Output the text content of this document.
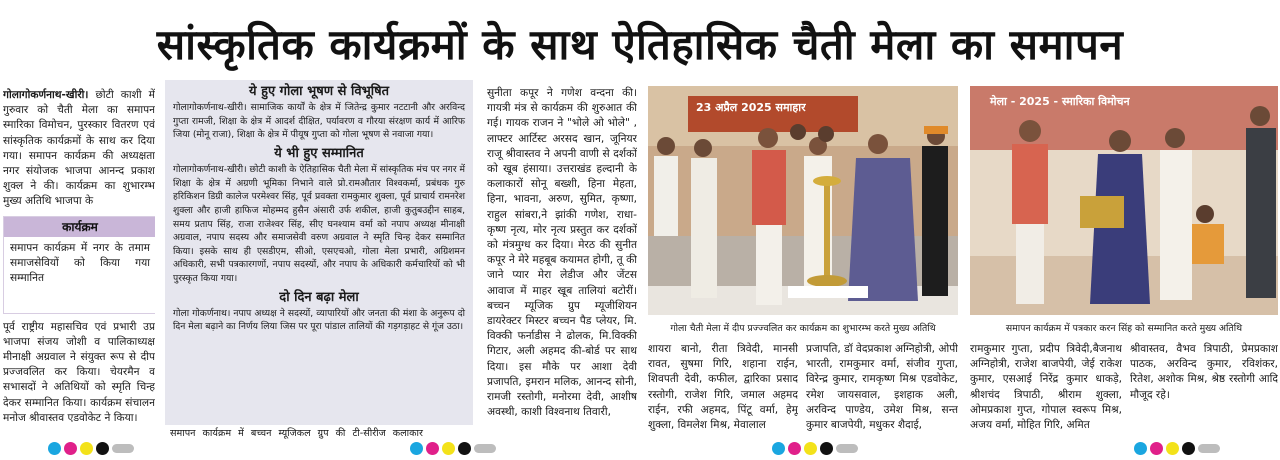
सांस्कृतिक कार्यक्रमों के साथ ऐतिहासिक चैती मेला का समापन

गोलागोकर्णनाथ-खीरी। छोटी काशी में गुरुवार को चैती मेला का समापन स्मारिका विमोचन, पुरस्कार वितरण एवं सांस्कृतिक कार्यक्रमों के साथ कर दिया गया। समापन कार्यक्रम की अध्यक्षता नगर संयोजक भाजपा आनन्द प्रकाश शुक्ल ने की। कार्यक्रम का शुभारम्भ मुख्य अतिथि भाजपा के

कार्यक्रम
समापन कार्यक्रम में नगर के तमाम समाजसेवियों को किया गया सम्मानित

पूर्व राष्ट्रीय महासचिव एवं प्रभारी उप्र भाजपा संजय जोशी व पालिकाध्यक्ष मीनाक्षी अग्रवाल ने संयुक्त रूप से दीप प्रज्जवलित कर किया। चेयरमैन व सभासदों ने अतिथियों को स्मृति चिन्ह देकर सम्मानित किया। कार्यक्रम संचालन मनोज श्रीवास्तव एडवोकेट ने किया।

ये हुए गोला भूषण से विभूषित

गोलागोकर्णनाथ-खीरी। सामाजिक कार्यों के क्षेत्र में जितेन्द्र कुमार नटटानी और अरविन्द गुप्ता रामजी, शिक्षा के क्षेत्र में आदर्श दीक्षित, पर्यावरण व गौरया संरक्षण कार्य में आरिफ जिया (मोनू राजा), शिक्षा के क्षेत्र में पीयूष गुप्ता को गोला भूषण से नवाजा गया।

ये भी हुए सम्मानित

गोलागोकर्णनाथ-खीरी। छोटी काशी के ऐतिहासिक चैती मेला में सांस्कृतिक मंच पर नगर में शिक्षा के क्षेत्र में अग्रणी भूमिका निभाने वाले प्रो.रामऔतार विश्वकर्मा, प्रबंधक गुरु हरिकिशन डिग्री कालेज परमेश्वर सिंह, पूर्व प्रवक्ता रामकुमार शुक्ला, पूर्व प्राचार्य रामनरेश शुक्ला और हाजी हाफिज मोहम्मद हुसैन अंसारी उर्फ शकील, हाजी कुतुबउद्दीन साहब, समय प्रताप सिंह, राजा राजेश्वर सिंह, सीए घनश्याम वर्मा को नपाप अध्यक्ष मीनाक्षी अग्रवाल, नपाप सदस्य और समाजसेवी वरुण अग्रवाल ने स्मृति चिन्ह देकर सम्मानित किया। इसके साथ ही एसडीएम, सीओ, एसएचओ, गोला मेला प्रभारी, अग्रिशमन अधिकारी, सभी पत्रकारगणों, नपाप सदस्यों, और नपाप के अधिकारी कर्मचारियों को भी पुरस्कृत किया गया।

दो दिन बढ़ा मेला

गोला गोकर्णनाथ। नपाप अध्यक्ष ने सदस्यों, व्यापारियों और जनता की मंशा के अनुरूप दो दिन मेला बढ़ाने का निर्णय लिया जिस पर पूरा पांडाल तालियों की गड़गड़ाहट से गूंज उठा।

समापन कार्यक्रम में बच्चन म्यूजिकल ग्रुप की टी-सीरीज कलाकार
सुनीता कपूर ने गणेश वन्दना की। गायत्री मंत्र से कार्यक्रम की शुरुआत की गई। गायक राजन ने "भोले ओ भोले" , लाफ्टर आर्टिस्ट अरसद खान, जूनियर राजू श्रीवास्तव ने अपनी वाणी से दर्शकों को खूब हंसाया। उत्तराखंड हल्दानी के कलाकारों सोनू बख्शी, हिना मेहता, हिना, भावना, अरुण, सुमित, कृष्णा, राहुल सांबरा,ने झांकी गणेश, राधा-कृष्ण नृत्य, मोर नृत्य प्रस्तुत कर दर्शकों को मंत्रमुग्ध कर दिया। मेरठ की सुनीत कपूर ने मेरे महबूब कयामत होगी, तू की जाने प्यार मेरा लेडीज और जेंटस आवाज में माहर खूब तालियां बटोरीं। बच्चन म्यूजिक ग्रुप म्यूजीशियन डायरेक्टर मिस्टर बच्चन पैड प्लेयर, मि. विक्की फर्नाडीस ने ढोलक, मि.विक्की गिटार, अली अहमद की-बोर्ड पर साथ दिया। इस मौके पर आशा देवी प्रजापति, इमरान मलिक, आनन्द सोनी, रामजी रस्तोगी, मनोरमा देवी, आशीष अवस्थी, काशी विश्वनाथ तिवारी,
23 अप्रैल 2025 समाहार
गोला चैती मेला में दीप प्रज्ज्वलित कर कार्यक्रम का शुभारम्भ करते मुख्य अतिथि
मेला - 2025 - स्मारिका विमोचन
समापन कार्यक्रम में पत्रकार करन सिंह को सम्मानित करते मुख्य अतिथि
शायरा बानो, रीता त्रिवेदी, मानसी रावत, सुषमा गिरि, शहाना राईन, शिवपती देवी, कफील, द्वारिका प्रसाद रस्तोगी, राजेश गिरि, जमाल अहमद राईन, रफी अहमद, पिंटू वर्मा, हेमू शुक्ला, विमलेश मिश्र, मेवालाल
प्रजापति, डॉ वेदप्रकाश अग्निहोत्री, ओपी भारती, रामकुमार वर्मा, संजीव गुप्ता, विरेन्द्र कुमार, रामकृष्ण मिश्र एडवोकेट, रमेश जायसवाल, इशहाक अली, अरविन्द पाण्डेय, उमेश मिश्र, सन्त कुमार बाजपेयी, मधुकर शैदाई,
रामकुमार गुप्ता, प्रदीप त्रिवेदी,बैजनाथ अग्निहोत्री, राजेश बाजपेयी, जेई राकेश कुमार, एसआई निरेंद्र कुमार धाकड़े, श्रीशचंद त्रिपाठी, श्रीराम शुक्ला, ओमप्रकाश गुप्त, गोपाल स्वरूप मिश्र, अजय वर्मा, मोहित गिरि, अमित
श्रीवास्तव, वैभव त्रिपाठी, प्रेमप्रकाश पाठक, अरविन्द कुमार, रविशंकर, रितेश, अशोक मिश्र, श्रेष्ठ रस्तोगी आदि मौजूद रहे।
